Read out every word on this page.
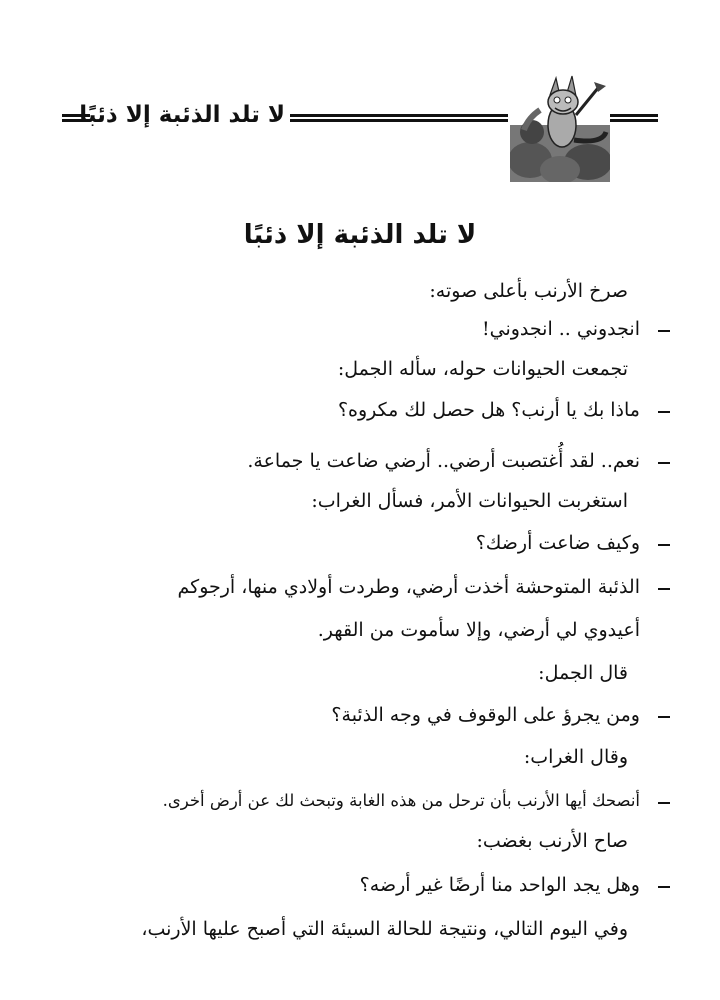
لا تلد الذئبة إلا ذئبًا
لا تلد الذئبة إلا ذئبًا
صرخ الأرنب بأعلى صوته:
انجدوني .. انجدوني!
تجمعت الحيوانات حوله، سأله الجمل:
ماذا بك يا أرنب؟ هل حصل لك مكروه؟
نعم.. لقد أُغتصبت أرضي.. أرضي ضاعت يا جماعة.
استغربت الحيوانات الأمر، فسأل الغراب:
وكيف ضاعت أرضك؟
الذئبة المتوحشة أخذت أرضي، وطردت أولادي منها، أرجوكم
أعيدوي لي أرضي، وإلا سأموت من القهر.
قال الجمل:
ومن يجرؤ على الوقوف في وجه الذئبة؟
وقال الغراب:
أنصحك أيها الأرنب بأن ترحل من هذه الغابة وتبحث لك عن أرض أخرى.
صاح الأرنب بغضب:
وهل يجد الواحد منا أرضًا غير أرضه؟
وفي اليوم التالي، ونتيجة للحالة السيئة التي أصبح عليها الأرنب،
